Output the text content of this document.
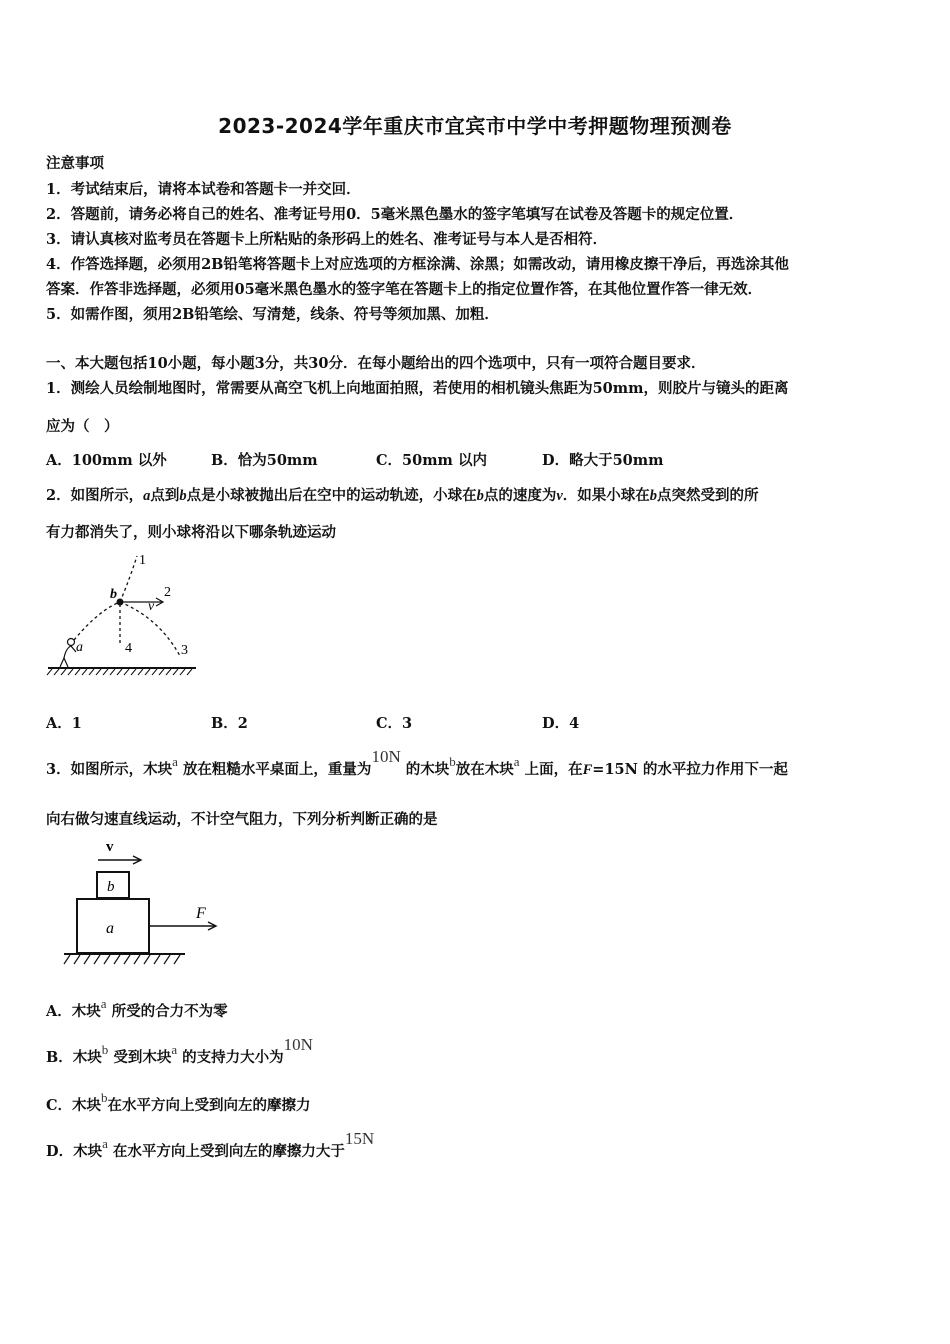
2023-2024学年重庆市宜宾市中学中考押题物理预测卷
注意事项
1．考试结束后，请将本试卷和答题卡一并交回．
2．答题前，请务必将自己的姓名、准考证号用0．5毫米黑色墨水的签字笔填写在试卷及答题卡的规定位置．
3．请认真核对监考员在答题卡上所粘贴的条形码上的姓名、准考证号与本人是否相符．
4．作答选择题，必须用2B铅笔将答题卡上对应选项的方框涂满、涂黑；如需改动，请用橡皮擦干净后，再选涂其他
答案．作答非选择题，必须用05毫米黑色墨水的签字笔在答题卡上的指定位置作答，在其他位置作答一律无效．
5．如需作图，须用2B铅笔绘、写清楚，线条、符号等须加黑、加粗．
一、本大题包括10小题，每小题3分，共30分．在每小题给出的四个选项中，只有一项符合题目要求．
1．测绘人员绘制地图时，常需要从高空飞机上向地面拍照，若使用的相机镜头焦距为50mm，则胶片与镜头的距离
应为（　）
A．100mm 以外	B．恰为50mm	C．50mm 以内	D．略大于50mm
2．如图所示，a点到b点是小球被抛出后在空中的运动轨迹，小球在b点的速度为v．如果小球在b点突然受到的所
有力都消失了，则小球将沿以下哪条轨迹运动
1
2
3
4
b
v
a
A．1	B．2	C．3	D．4
3．如图所示，木块a 放在粗糙水平桌面上，重量为10N 的木块b放在木块a 上面，在F=15N 的水平拉力作用下一起
向右做匀速直线运动，不计空气阻力，下列分析判断正确的是
v
b
a
F
A．木块a 所受的合力不为零
B．木块b 受到木块a 的支持力大小为10N
C．木块b在水平方向上受到向左的摩擦力
D．木块a 在水平方向上受到向左的摩擦力大于15N
